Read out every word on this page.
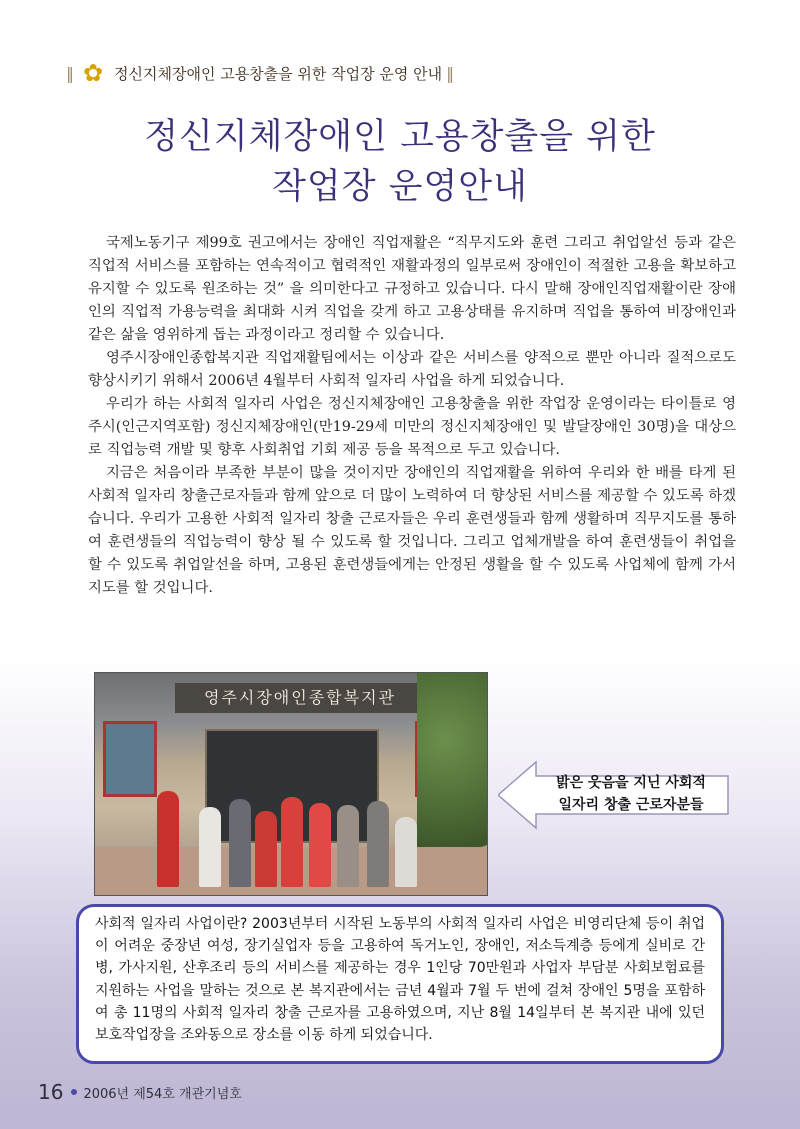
‖ ✿ 정신지체장애인 고용창출을 위한 작업장 운영 안내 ‖
정신지체장애인 고용창출을 위한
작업장 운영안내

국제노동기구 제99호 권고에서는 장애인 직업재활은 “직무지도와 훈련 그리고 취업알선 등과 같은 직업적 서비스를 포함하는 연속적이고 협력적인 재활과정의 일부로써 장애인이 적절한 고용을 확보하고 유지할 수 있도록 원조하는 것” 을 의미한다고 규정하고 있습니다. 다시 말해 장애인직업재활이란 장애인의 직업적 가용능력을 최대화 시켜 직업을 갖게 하고 고용상태를 유지하며 직업을 통하여 비장애인과 같은 삶을 영위하게 돕는 과정이라고 정리할 수 있습니다.

영주시장애인종합복지관 직업재활팀에서는 이상과 같은 서비스를 양적으로 뿐만 아니라 질적으로도 향상시키기 위해서 2006년 4월부터 사회적 일자리 사업을 하게 되었습니다.

우리가 하는 사회적 일자리 사업은 정신지체장애인 고용창출을 위한 작업장 운영이라는 타이틀로 영주시(인근지역포함) 정신지체장애인(만19-29세 미만의 정신지체장애인 및 발달장애인 30명)을 대상으로 직업능력 개발 및 향후 사회취업 기회 제공 등을 목적으로 두고 있습니다.

지금은 처음이라 부족한 부분이 많을 것이지만 장애인의 직업재활을 위하여 우리와 한 배를 타게 된 사회적 일자리 창출근로자들과 함께 앞으로 더 많이 노력하여 더 향상된 서비스를 제공할 수 있도록 하겠습니다. 우리가 고용한 사회적 일자리 창출 근로자들은 우리 훈련생들과 함께 생활하며 직무지도를 통하여 훈련생들의 직업능력이 향상 될 수 있도록 할 것입니다. 그리고 업체개발을 하여 훈련생들이 취업을 할 수 있도록 취업알선을 하며, 고용된 훈련생들에게는 안정된 생활을 할 수 있도록 사업체에 함께 가서 지도를 할 것입니다.

영주시장애인종합복지관
밝은 웃음을 지닌 사회적
일자리 창출 근로자분들
사회적 일자리 사업이란? 2003년부터 시작된 노동부의 사회적 일자리 사업은 비영리단체 등이 취업이 어려운 중장년 여성, 장기실업자 등을 고용하여 독거노인, 장애인, 저소득계층 등에게 실비로 간병, 가사지원, 산후조리 등의 서비스를 제공하는 경우 1인당 70만원과 사업자 부담분 사회보험료를 지원하는 사업을 말하는 것으로 본 복지관에서는 금년 4월과 7월 두 번에 걸쳐 장애인 5명을 포함하여 총 11명의 사회적 일자리 창출 근로자를 고용하였으며, 지난 8월 14일부터 본 복지관 내에 있던 보호작업장을 조와동으로 장소를 이동 하게 되었습니다.
16 2006년 제54호 개관기념호
